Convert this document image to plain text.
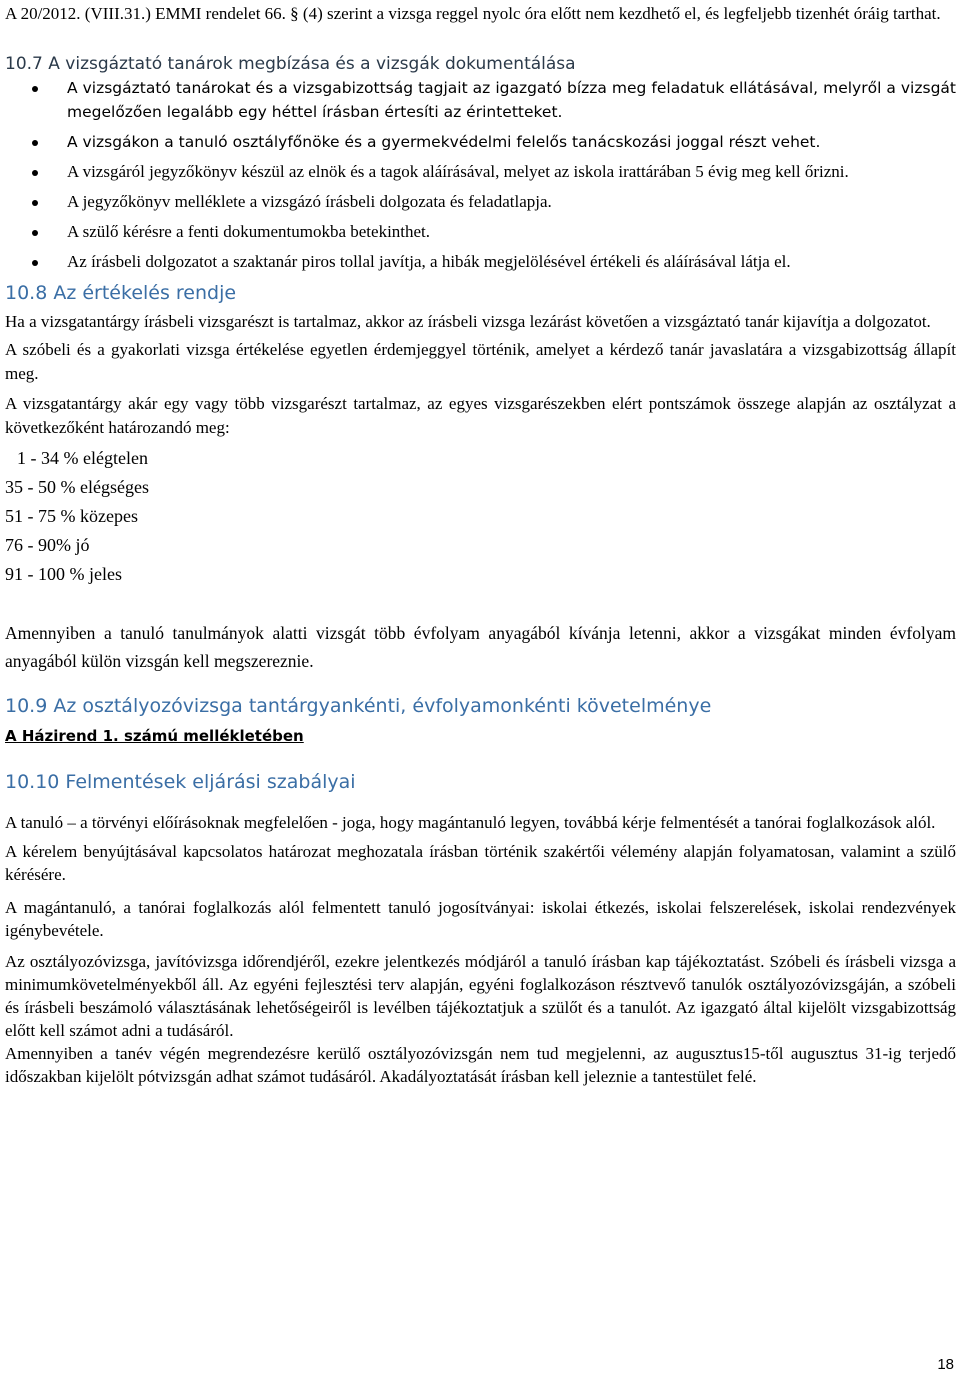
A 20/2012. (VIII.31.) EMMI rendelet 66. § (4) szerint a vizsga reggel nyolc óra előtt nem kezdhető el, és legfeljebb tizenhét óráig tarthat.

10.7 A vizsgáztató tanárok megbízása és a vizsgák dokumentálása
A vizsgáztató tanárokat és a vizsgabizottság tagjait az igazgató bízza meg feladatuk ellátásával, melyről a vizsgát megelőzően legalább egy héttel írásban értesíti az érintetteket.
A vizsgákon a tanuló osztályfőnöke és a gyermekvédelmi felelős tanácskozási joggal részt vehet.
A vizsgáról jegyzőkönyv készül az elnök és a tagok aláírásával, melyet az iskola irattárában 5 évig meg kell őrizni.
A jegyzőkönyv melléklete a vizsgázó írásbeli dolgozata és feladatlapja.
A szülő kérésre a fenti dokumentumokba betekinthet.
Az írásbeli dolgozatot a szaktanár piros tollal javítja, a hibák megjelölésével értékeli és aláírásával látja el.
10.8 Az értékelés rendje

Ha a vizsgatantárgy írásbeli vizsgarészt is tartalmaz, akkor az írásbeli vizsga lezárást követően a vizsgáztató tanár kijavítja a dolgozatot.

A szóbeli és a gyakorlati vizsga értékelése egyetlen érdemjeggyel történik, amelyet a kérdező tanár javaslatára a vizsgabizottság állapít meg.

A vizsgatantárgy akár egy vagy több vizsgarészt tartalmaz, az egyes vizsgarészekben elért pontszámok összege alapján az osztályzat a következőként határozandó meg:

1 - 34 % elégtelen
35 - 50 % elégséges
51 - 75 % közepes
76 - 90% jó
91 - 100 % jeles

Amennyiben a tanuló tanulmányok alatti vizsgát több évfolyam anyagából kívánja letenni, akkor a vizsgákat minden évfolyam anyagából külön vizsgán kell megszereznie.

10.9 Az osztályozóvizsga tantárgyankénti, évfolyamonkénti követelménye
A Házirend 1. számú mellékletében
10.10 Felmentések eljárási szabályai

A tanuló – a törvényi előírásoknak megfelelően - joga, hogy magántanuló legyen, továbbá kérje felmentését a tanórai foglalkozások alól.

A kérelem benyújtásával kapcsolatos határozat meghozatala írásban történik szakértői vélemény alapján folyamatosan, valamint a szülő kérésére.

A magántanuló, a tanórai foglalkozás alól felmentett tanuló jogosítványai: iskolai étkezés, iskolai felszerelések, iskolai rendezvények igénybevétele.

Az osztályozóvizsga, javítóvizsga időrendjéről, ezekre jelentkezés módjáról a tanuló írásban kap tájékoztatást. Szóbeli és írásbeli vizsga a minimumkövetelményekből áll. Az egyéni fejlesztési terv alapján, egyéni foglalkozáson résztvevő tanulók osztályozóvizsgáján, a szóbeli és írásbeli beszámoló választásának lehetőségeiről is levélben tájékoztatjuk a szülőt és a tanulót. Az igazgató által kijelölt vizsgabizottság előtt kell számot adni a tudásáról.

Amennyiben a tanév végén megrendezésre kerülő osztályozóvizsgán nem tud megjelenni, az augusztus15-től augusztus 31-ig terjedő időszakban kijelölt pótvizsgán adhat számot tudásáról. Akadályoztatását írásban kell jeleznie a tantestület felé.

18
